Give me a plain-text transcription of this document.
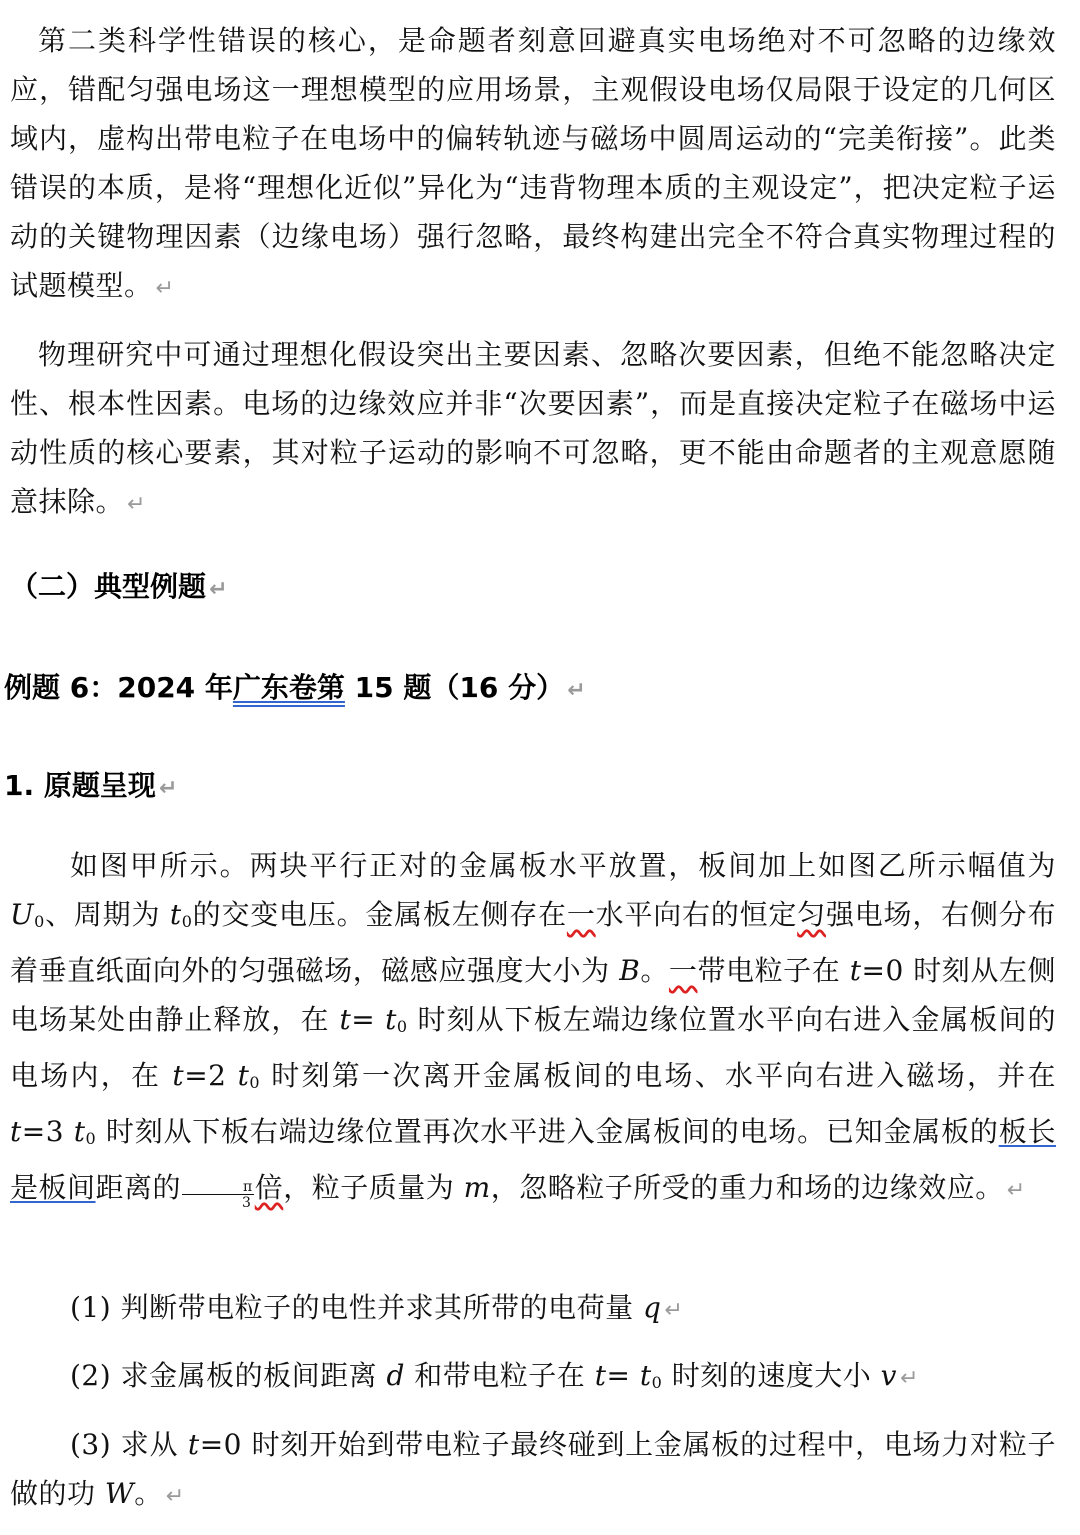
第二类科学性错误的核心，是命题者刻意回避真实电场绝对不可忽略的边缘效应，错配匀强电场这一理想模型的应用场景，主观假设电场仅局限于设定的几何区域内，虚构出带电粒子在电场中的偏转轨迹与磁场中圆周运动的“完美衔接”。此类错误的本质，是将“理想化近似”异化为“违背物理本质的主观设定”，把决定粒子运动的关键物理因素（边缘电场）强行忽略，最终构建出完全不符合真实物理过程的试题模型。 ↵
物理研究中可通过理想化假设突出主要因素、忽略次要因素，但绝不能忽略决定性、根本性因素。电场的边缘效应并非“次要因素”，而是直接决定粒子在磁场中运动性质的核心要素，其对粒子运动的影响不可忽略，更不能由命题者的主观意愿随意抹除。 ↵
（二）典型例题 ↵
例题 6：2024 年广东卷第 15 题（16 分） ↵
1. 原题呈现 ↵
如图甲所示。两块平行正对的金属板水平放置，板间加上如图乙所示幅值为 U0、周期为 t0的交变电压。金属板左侧存在一水平向右的恒定匀强电场，右侧分布着垂直纸面向外的匀强磁场，磁感应强度大小为 B。一带电粒子在 t=0 时刻从左侧电场某处由静止释放，在 t= t0 时刻从下板左端边缘位置水平向右进入金属板间的电场内，在 t=2 t0 时刻第一次离开金属板间的电场、水平向右进入磁场，并在 t=3 t0 时刻从下板右端边缘位置再次水平进入金属板间的电场。已知金属板的板长是板间距离的 $\frac{\pi}{3}$ 倍，粒子质量为 m，忽略粒子所受的重力和场的边缘效应。 ↵
(1) 判断带电粒子的电性并求其所带的电荷量 q ↵
(2) 求金属板的板间距离 d 和带电粒子在 t= t0 时刻的速度大小 v ↵
(3) 求从 t=0 时刻开始到带电粒子最终碰到上金属板的过程中，电场力对粒子做的功 W。 ↵
